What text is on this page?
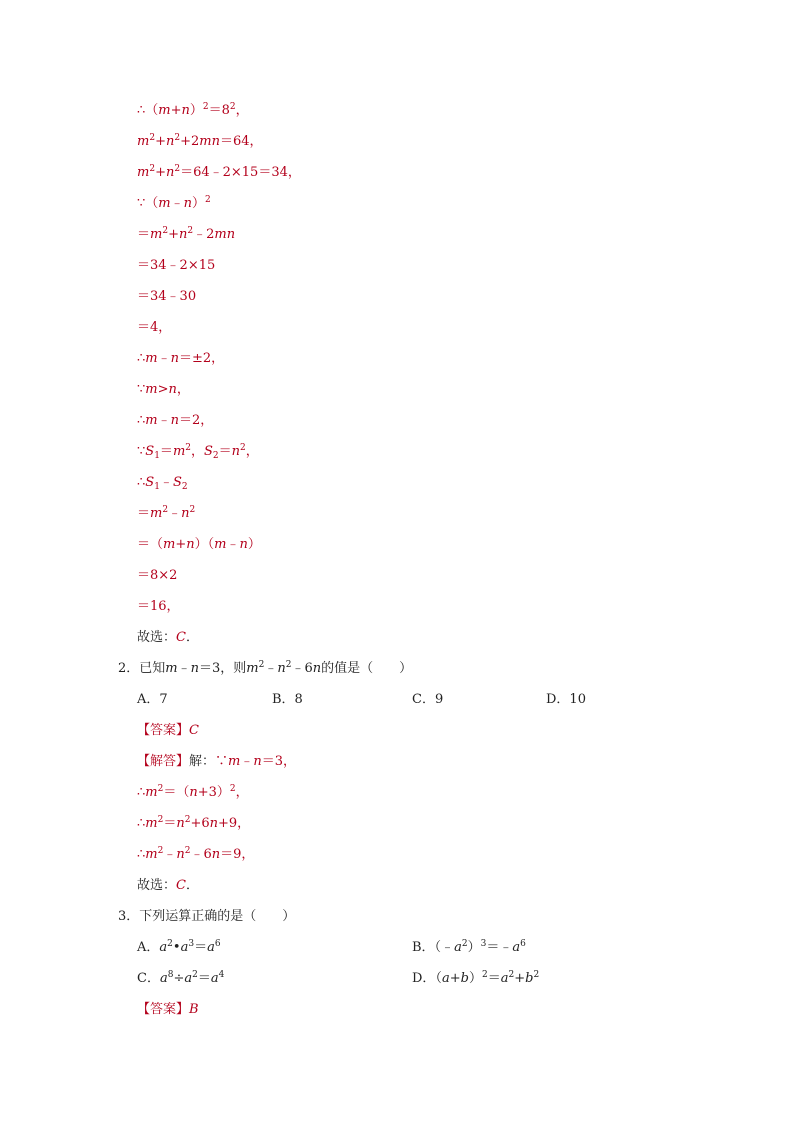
$\therefore(m+n)^2=8^2$，
$m^2+n^2+2mn=64$，
$m^2+n^2=64﹣2\times 15=34$，
∵（m﹣n）$^2$
$=m^2+n^2﹣2mn$
＝34﹣2×15
＝34﹣30
＝4，
∴m﹣n＝±2，
∵m>n，
∴m﹣n＝2，
$\because S_1=m^2$，$S_2=n^2$，
$\therefore S_1﹣S_2$
$=m^2﹣n^2$
＝（m+n）（m﹣n）
＝8×2
＝16，
故选：C．
2．已知m﹣n＝3，则$m^2﹣n^2﹣6n$的值是（　　）
A．7	B．8	C．9	D．10
【答案】C
【解答】解：∵m﹣n＝3，
$\therefore m^2=(n+3)^2$，
$\therefore m^2=n^2+6n+9$，
$\therefore m^2﹣n^2﹣6n=9$，
故选：C．
3．下列运算正确的是（　　）
A．$a^2•a^3=a^6$	B．$(﹣a^2)^3=﹣a^6$
C．$a^8\div a^2=a^4$	D．$(a+b)^2=a^2+b^2$
【答案】B
